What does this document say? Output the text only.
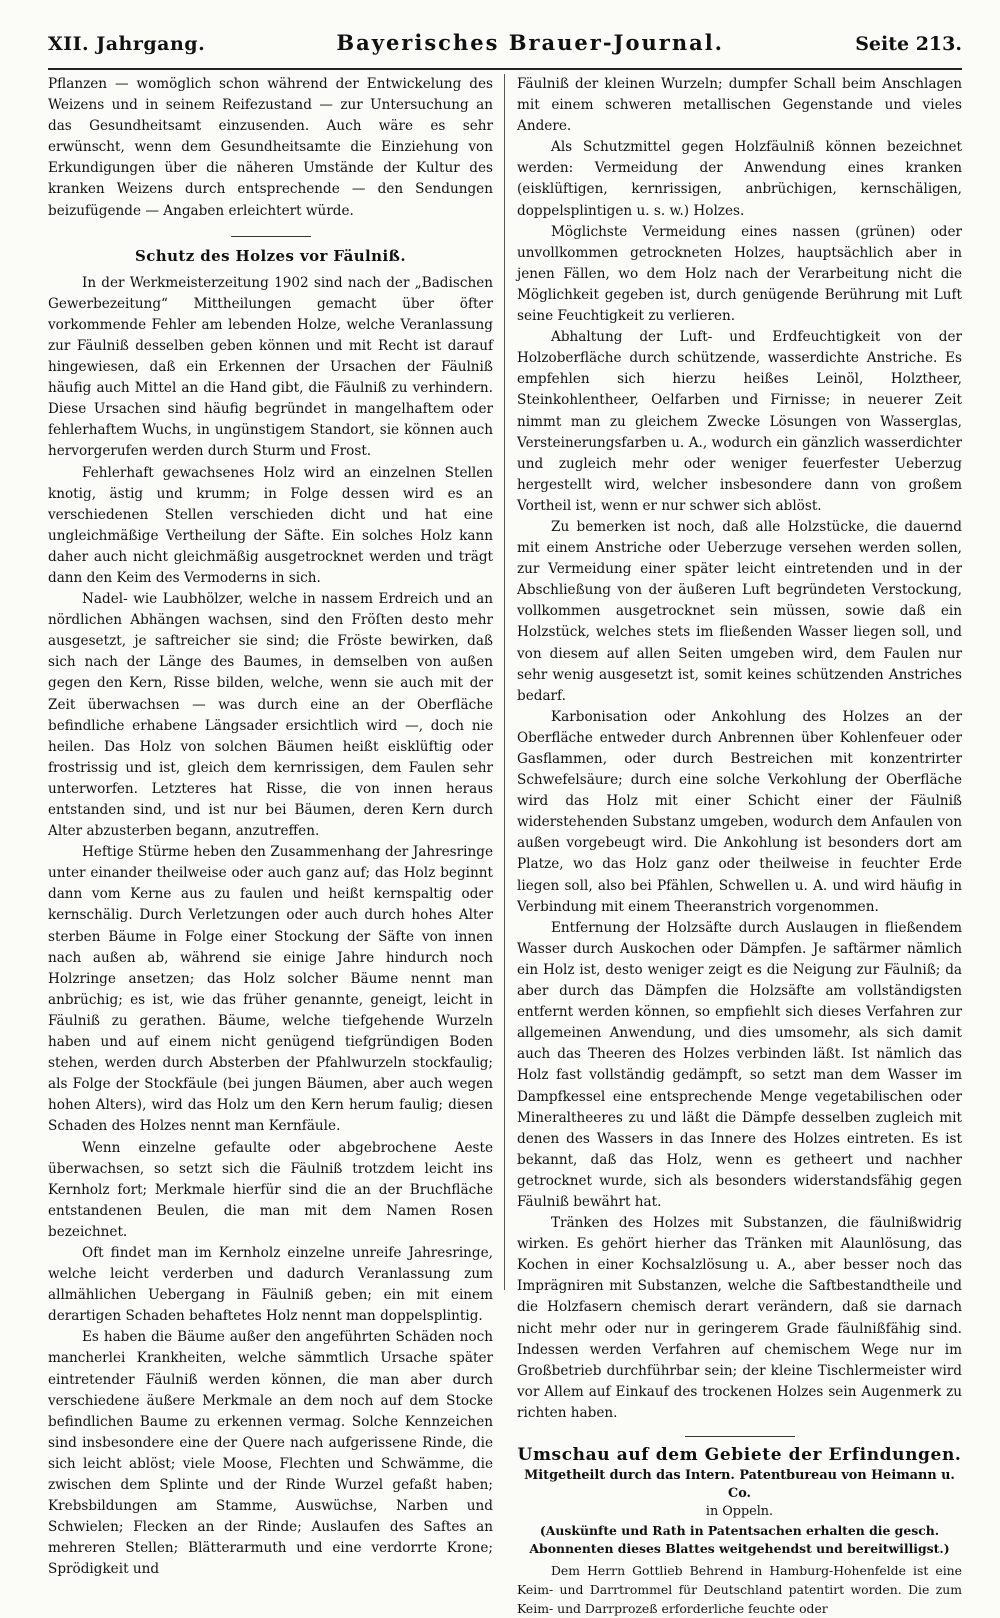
XII. Jahrgang.	Bayerisches Brauer-Journal.	Seite 213.

Pflanzen — womöglich schon während der Entwickelung des Weizens und in seinem Reifezustand — zur Untersuchung an das Gesundheitsamt einzusenden. Auch wäre es sehr erwünscht, wenn dem Gesundheitsamte die Einziehung von Erkundigungen über die näheren Umstände der Kultur des kranken Weizens durch entsprechende — den Sendungen beizufügende — Angaben erleichtert würde.

Schutz des Holzes vor Fäulniß.

In der Werkmeisterzeitung 1902 sind nach der „Badischen Gewerbezeitung“ Mittheilungen gemacht über öfter vorkommende Fehler am lebenden Holze, welche Veranlassung zur Fäulniß desselben geben können und mit Recht ist darauf hingewiesen, daß ein Erkennen der Ursachen der Fäulniß häufig auch Mittel an die Hand gibt, die Fäulniß zu verhindern. Diese Ursachen sind häufig begründet in mangelhaftem oder fehlerhaftem Wuchs, in ungünstigem Standort, sie können auch hervorgerufen werden durch Sturm und Frost.

Fehlerhaft gewachsenes Holz wird an einzelnen Stellen knotig, ästig und krumm; in Folge dessen wird es an verschiedenen Stellen verschieden dicht und hat eine ungleichmäßige Vertheilung der Säfte. Ein solches Holz kann daher auch nicht gleichmäßig ausgetrocknet werden und trägt dann den Keim des Vermoderns in sich.

Nadel- wie Laubhölzer, welche in nassem Erdreich und an nördlichen Abhängen wachsen, sind den Fröſten desto mehr ausgesetzt, je saftreicher sie sind; die Fröste bewirken, daß sich nach der Länge des Baumes, in demselben von außen gegen den Kern, Risse bilden, welche, wenn sie auch mit der Zeit überwachsen — was durch eine an der Oberfläche befindliche erhabene Längsader ersichtlich wird —, doch nie heilen. Das Holz von solchen Bäumen heißt eisklüftig oder frostrissig und ist, gleich dem kernrissigen, dem Faulen sehr unterworfen. Letzteres hat Risse, die von innen heraus entstanden sind, und ist nur bei Bäumen, deren Kern durch Alter abzusterben begann, anzutreffen.

Heftige Stürme heben den Zusammenhang der Jahresringe unter einander theilweise oder auch ganz auf; das Holz beginnt dann vom Kerne aus zu faulen und heißt kernspaltig oder kernschälig. Durch Verletzungen oder auch durch hohes Alter sterben Bäume in Folge einer Stockung der Säfte von innen nach außen ab, während sie einige Jahre hindurch noch Holzringe ansetzen; das Holz solcher Bäume nennt man anbrüchig; es ist, wie das früher genannte, geneigt, leicht in Fäulniß zu gerathen. Bäume, welche tiefgehende Wurzeln haben und auf einem nicht genügend tiefgründigen Boden stehen, werden durch Absterben der Pfahlwurzeln stockfaulig; als Folge der Stockfäule (bei jungen Bäumen, aber auch wegen hohen Alters), wird das Holz um den Kern herum faulig; diesen Schaden des Holzes nennt man Kernfäule.

Wenn einzelne gefaulte oder abgebrochene Aeste überwachsen, so setzt sich die Fäulniß trotzdem leicht ins Kernholz fort; Merkmale hierfür sind die an der Bruchfläche entstandenen Beulen, die man mit dem Namen Rosen bezeichnet.

Oft findet man im Kernholz einzelne unreife Jahresringe, welche leicht verderben und dadurch Veranlassung zum allmählichen Uebergang in Fäulniß geben; ein mit einem derartigen Schaden behaftetes Holz nennt man doppelsplintig.

Es haben die Bäume außer den angeführten Schäden noch mancherlei Krankheiten, welche sämmtlich Ursache später eintretender Fäulniß werden können, die man aber durch verschiedene äußere Merkmale an dem noch auf dem Stocke befindlichen Baume zu erkennen vermag. Solche Kennzeichen sind insbesondere eine der Quere nach aufgerissene Rinde, die sich leicht ablöst; viele Moose, Flechten und Schwämme, die zwischen dem Splinte und der Rinde Wurzel gefaßt haben; Krebsbildungen am Stamme, Auswüchse, Narben und Schwielen; Flecken an der Rinde; Auslaufen des Saftes an mehreren Stellen; Blätterarmuth und eine verdorrte Krone; Sprödigkeit und

Fäulniß der kleinen Wurzeln; dumpfer Schall beim Anschlagen mit einem schweren metallischen Gegenstande und vieles Andere.

Als Schutzmittel gegen Holzfäulniß können bezeichnet werden: Vermeidung der Anwendung eines kranken (eisklüftigen, kernrissigen, anbrüchigen, kernschäligen, doppelsplintigen u. s. w.) Holzes.

Möglichste Vermeidung eines nassen (grünen) oder unvollkommen getrockneten Holzes, hauptsächlich aber in jenen Fällen, wo dem Holz nach der Verarbeitung nicht die Möglichkeit gegeben ist, durch genügende Berührung mit Luft seine Feuchtigkeit zu verlieren.

Abhaltung der Luft- und Erdfeuchtigkeit von der Holzoberfläche durch schützende, wasserdichte Anstriche. Es empfehlen sich hierzu heißes Leinöl, Holztheer, Steinkohlentheer, Oelfarben und Firnisse; in neuerer Zeit nimmt man zu gleichem Zwecke Lösungen von Wasserglas, Versteinerungsfarben u. A., wodurch ein gänzlich wasserdichter und zugleich mehr oder weniger feuerfester Ueberzug hergestellt wird, welcher insbesondere dann von großem Vortheil ist, wenn er nur schwer sich ablöst.

Zu bemerken ist noch, daß alle Holzstücke, die dauernd mit einem Anstriche oder Ueberzuge versehen werden sollen, zur Vermeidung einer später leicht eintretenden und in der Abschließung von der äußeren Luft begründeten Verstockung, vollkommen ausgetrocknet sein müssen, sowie daß ein Holzstück, welches stets im fließenden Wasser liegen soll, und von diesem auf allen Seiten umgeben wird, dem Faulen nur sehr wenig ausgesetzt ist, somit keines schützenden Anstriches bedarf.

Karbonisation oder Ankohlung des Holzes an der Oberfläche entweder durch Anbrennen über Kohlenfeuer oder Gasflammen, oder durch Bestreichen mit konzentrirter Schwefelsäure; durch eine solche Verkohlung der Oberfläche wird das Holz mit einer Schicht einer der Fäulniß widerstehenden Substanz umgeben, wodurch dem Anfaulen von außen vorgebeugt wird. Die Ankohlung ist besonders dort am Platze, wo das Holz ganz oder theilweise in feuchter Erde liegen soll, also bei Pfählen, Schwellen u. A. und wird häufig in Verbindung mit einem Theeranstrich vorgenommen.

Entfernung der Holzsäfte durch Auslaugen in fließendem Wasser durch Auskochen oder Dämpfen. Je saftärmer nämlich ein Holz ist, desto weniger zeigt es die Neigung zur Fäulniß; da aber durch das Dämpfen die Holzsäfte am vollständigsten entfernt werden können, so empfiehlt sich dieses Verfahren zur allgemeinen Anwendung, und dies umsomehr, als sich damit auch das Theeren des Holzes verbinden läßt. Ist nämlich das Holz fast vollständig gedämpft, so setzt man dem Wasser im Dampfkessel eine entsprechende Menge vegetabilischen oder Mineraltheeres zu und läßt die Dämpfe desselben zugleich mit denen des Wassers in das Innere des Holzes eintreten. Es ist bekannt, daß das Holz, wenn es getheert und nachher getrocknet wurde, sich als besonders widerstandsfähig gegen Fäulniß bewährt hat.

Tränken des Holzes mit Substanzen, die fäulnißwidrig wirken. Es gehört hierher das Tränken mit Alaunlösung, das Kochen in einer Kochsalzlösung u. A., aber besser noch das Imprägniren mit Substanzen, welche die Saftbestandtheile und die Holzfasern chemisch derart verändern, daß sie darnach nicht mehr oder nur in geringerem Grade fäulnißfähig sind. Indessen werden Verfahren auf chemischem Wege nur im Großbetrieb durchführbar sein; der kleine Tischlermeister wird vor Allem auf Einkauf des trockenen Holzes sein Augenmerk zu richten haben.

Umschau auf dem Gebiete der Erfindungen.
Mitgetheilt durch das Intern. Patentbureau von Heimann u. Co.
in Oppeln.
(Auskünfte und Rath in Patentsachen erhalten die gesch. Abonnenten dieses Blattes weitgehendst und bereitwilligst.)

Dem Herrn Gottlieb Behrend in Hamburg-Hohenfelde ist eine Keim- und Darrtrommel für Deutschland patentirt worden. Die zum Keim- und Darrprozeß erforderliche feuchte oder
